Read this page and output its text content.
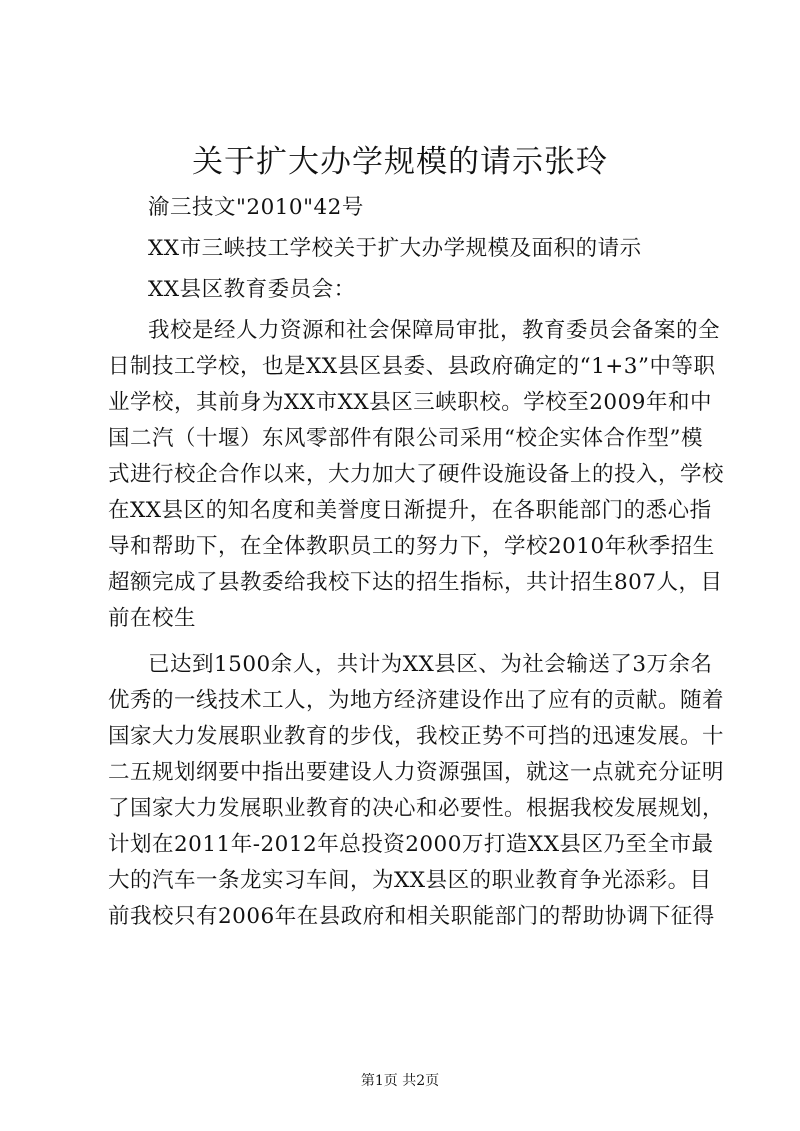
关于扩大办学规模的请示张玲
渝三技文"2010"42号
XX市三峡技工学校关于扩大办学规模及面积的请示
XX县区教育委员会：
我校是经人力资源和社会保障局审批，教育委员会备案的全
日制技工学校，也是XX县区县委、县政府确定的“1+3”中等职
业学校，其前身为XX市XX县区三峡职校。学校至2009年和中
国二汽（十堰）东风零部件有限公司采用“校企实体合作型”模
式进行校企合作以来，大力加大了硬件设施设备上的投入，学校
在XX县区的知名度和美誉度日渐提升，在各职能部门的悉心指
导和帮助下，在全体教职员工的努力下，学校2010年秋季招生
超额完成了县教委给我校下达的招生指标，共计招生807人，目
前在校生
已达到1500余人，共计为XX县区、为社会输送了3万余名
优秀的一线技术工人，为地方经济建设作出了应有的贡献。随着
国家大力发展职业教育的步伐，我校正势不可挡的迅速发展。十
二五规划纲要中指出要建设人力资源强国，就这一点就充分证明
了国家大力发展职业教育的决心和必要性。根据我校发展规划，
计划在2011年-2012年总投资2000万打造XX县区乃至全市最
大的汽车一条龙实习车间，为XX县区的职业教育争光添彩。目
前我校只有2006年在县政府和相关职能部门的帮助协调下征得
第1页 共2页
